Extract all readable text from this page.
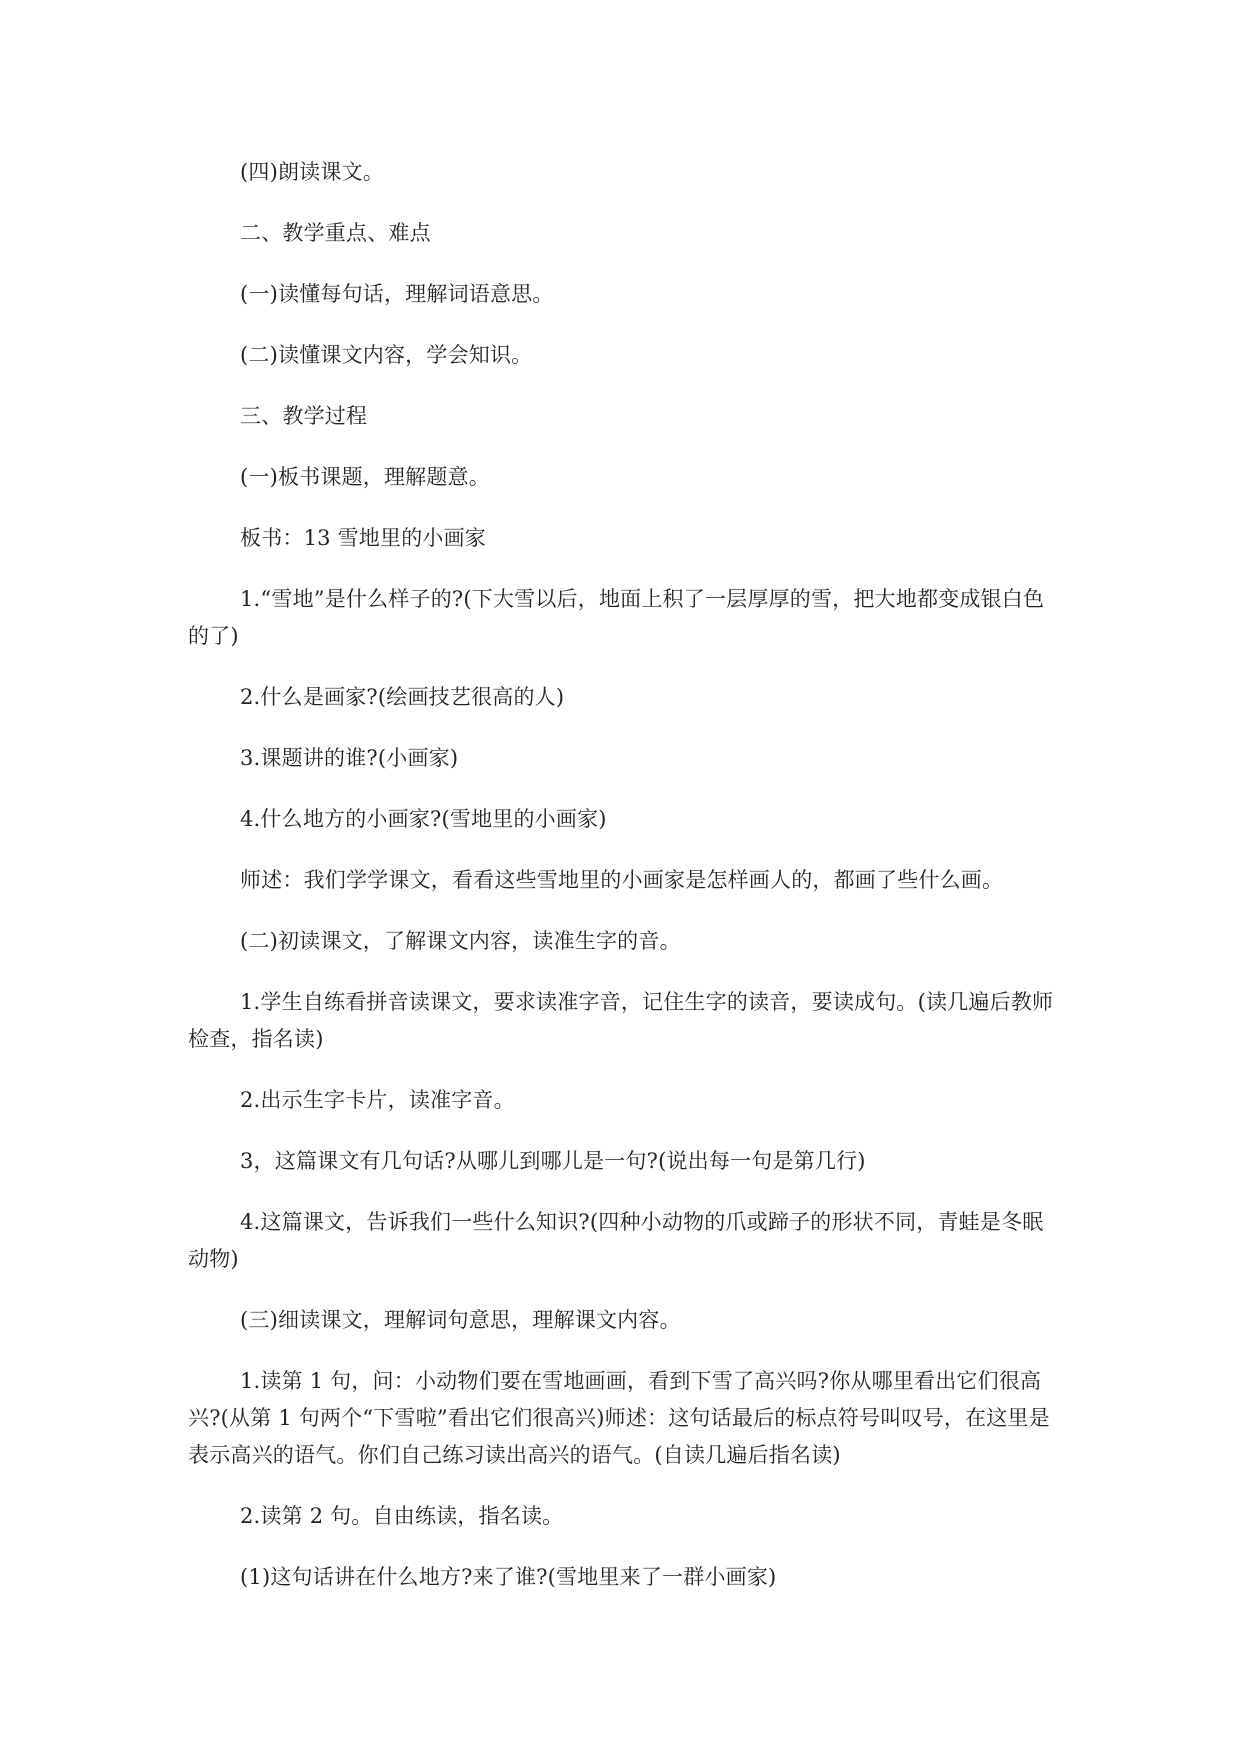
(四)朗读课文。

二、教学重点、难点

(一)读懂每句话，理解词语意思。

(二)读懂课文内容，学会知识。

三、教学过程

(一)板书课题，理解题意。

板书：13 雪地里的小画家

1.“雪地”是什么样子的?(下大雪以后，地面上积了一层厚厚的雪，把大地都变成银白色的了)

2.什么是画家?(绘画技艺很高的人)

3.课题讲的谁?(小画家)

4.什么地方的小画家?(雪地里的小画家)

师述：我们学学课文，看看这些雪地里的小画家是怎样画人的，都画了些什么画。

(二)初读课文，了解课文内容，读准生字的音。

1.学生自练看拼音读课文，要求读准字音，记住生字的读音，要读成句。(读几遍后教师检查，指名读)

2.出示生字卡片，读准字音。

3，这篇课文有几句话?从哪儿到哪儿是一句?(说出每一句是第几行)

4.这篇课文，告诉我们一些什么知识?(四种小动物的爪或蹄子的形状不同，青蛙是冬眠动物)

(三)细读课文，理解词句意思，理解课文内容。

1.读第 1 句，问：小动物们要在雪地画画，看到下雪了高兴吗?你从哪里看出它们很高兴?(从第 1 句两个“下雪啦”看出它们很高兴)师述：这句话最后的标点符号叫叹号，在这里是表示高兴的语气。你们自己练习读出高兴的语气。(自读几遍后指名读)

2.读第 2 句。自由练读，指名读。

(1)这句话讲在什么地方?来了谁?(雪地里来了一群小画家)
